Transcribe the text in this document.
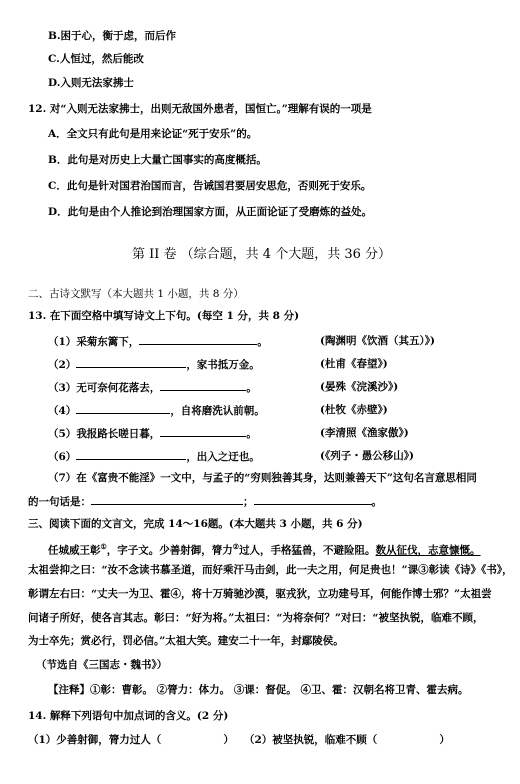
B.困于心，衡于虑，而后作
C.人恒过，然后能改
D.入则无法家拂士
12. 对“入则无法家拂士，出则无敌国外患者，国恒亡。”理解有误的一项是
A．全文只有此句是用来论证“死于安乐”的。
B．此句是对历史上大量亡国事实的高度概括。
C．此句是针对国君治国而言，告诫国君要居安思危，否则死于安乐。
D．此句是由个人推论到治理国家方面，从正面论证了受磨炼的益处。
第 II 卷 （综合题，共 4 个大题，共 36 分）
二、古诗文默写（本大题共 1 小题，共 8 分）
13. 在下面空格中填写诗文上下句。(每空 1 分，共 8 分)
（1）采菊东篱下，	。	(陶渊明《饮酒（其五）》)
（2）	，家书抵万金。	(杜甫《春望》)
（3）无可奈何花落去，	。	(晏殊《浣溪沙》)
（4）	，自将磨洗认前朝。	(杜牧《赤壁》)
（5）我报路长嗟日暮，	。	(李清照《渔家傲》)
（6）	，出入之迂也。	(《列子・愚公移山》)
（7）在《富贵不能淫》一文中，与孟子的“穷则独善其身，达则兼善天下”这句名言意思相同
的一句话是：	；	。
三、阅读下面的文言文，完成 14～16题。(本大题共 3 小题，共 6 分)
任城威王彰①，字子文。少善射御，膂力②过人，手格猛兽，不避险阻。数从征伐，志意慷慨。
太祖尝抑之曰：“汝不念读书慕圣道，而好乘汗马击剑，此一夫之用，何足贵也！”课③彰读《诗》《书》，
彰谓左右曰：“丈夫一为卫、霍④，将十万骑驰沙漠，驱戎狄，立功建号耳，何能作博士邪？”太祖尝
问诸子所好，使各言其志。彰曰：“好为将。”太祖曰：“为将奈何？”对曰：“被坚执锐，临难不顾，
为士卒先；赏必行，罚必信。”太祖大笑。建安二十一年，封鄢陵侯。
（节选自《三国志・魏书》）
【注释】①彰：曹彰。 ②膂力：体力。 ③课：督促。 ④卫、霍：汉朝名将卫青、霍去病。
14. 解释下列语句中加点词的含义。(2 分)
（1）少善射御，膂力过人（	） （2）被坚执锐，临难不顾（	）
